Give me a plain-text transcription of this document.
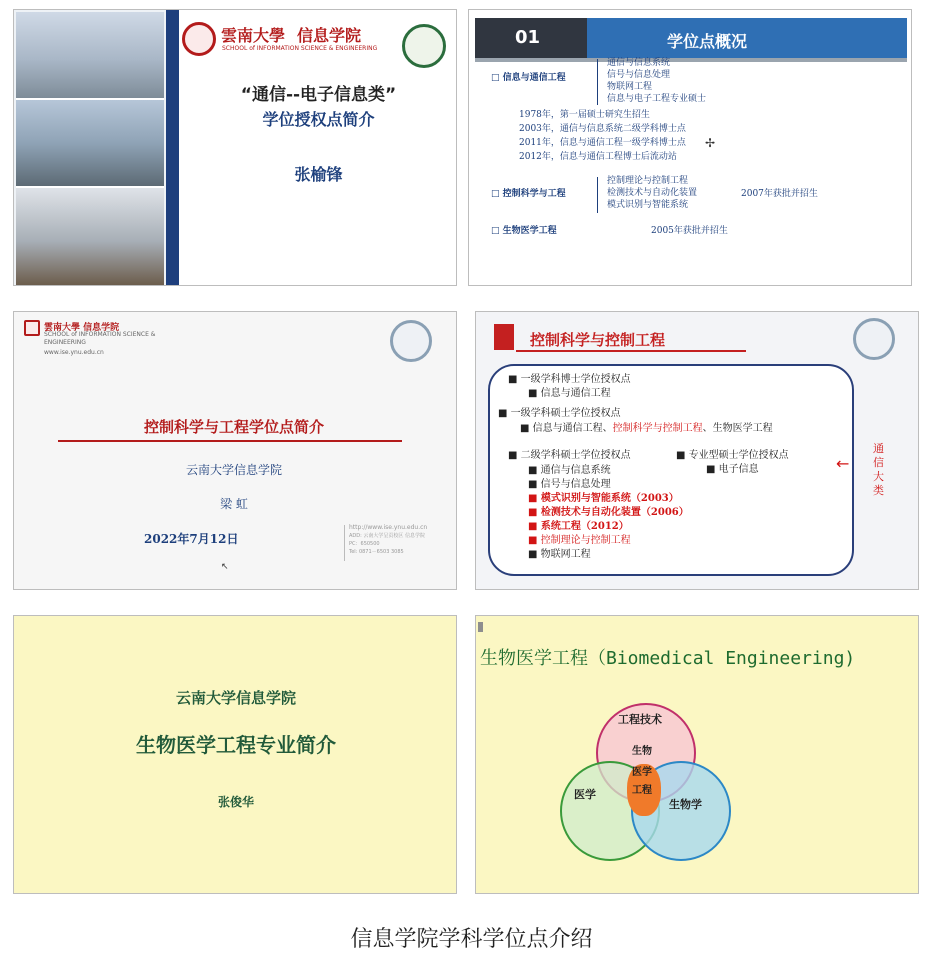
雲南大學 信息学院
SCHOOL of INFORMATION SCIENCE & ENGINEERING
“通信--电子信息类”
学位授权点简介
张榆锋
01	学位点概况
□ 信息与通信工程
通信与信息系统
信号与信息处理
物联网工程
信息与电子工程专业硕士
1978年，第一届硕士研究生招生
2003年，通信与信息系统二级学科博士点
2011年，信息与通信工程一级学科博士点
2012年，信息与通信工程博士后流动站
✢
□ 控制科学与工程
控制理论与控制工程
检测技术与自动化装置
模式识别与智能系统
2007年获批并招生
□ 生物医学工程	2005年获批并招生
雲南大學 信息学院
SCHOOL of INFORMATION SCIENCE & ENGINEERING
www.ise.ynu.edu.cn
控制科学与工程学位点简介
云南大学信息学院
梁 虹
2022年7月12日
http://www.ise.ynu.edu.cn
ADD: 云南大学呈贡校区 信息学院
PC：650500
Tel: 0871－6503 3085
↖
控制科学与控制工程
■ 一级学科博士学位授权点
■ 信息与通信工程
■ 一级学科硕士学位授权点
■ 信息与通信工程、控制科学与控制工程、生物医学工程
■ 二级学科硕士学位授权点	■ 专业型硕士学位授权点
■ 电子信息
■ 通信与信息系统
■ 信号与信息处理
■ 模式识别与智能系统（2003）
■ 检测技术与自动化装置（2006）
■ 系统工程（2012）
■ 控制理论与控制工程
■ 物联网工程
←
通信大类
云南大学信息学院
生物医学工程专业简介
张俊华
生物医学工程（Biomedical Engineering)
工程技术
医学
生物学
生物
医学
工程
信息学院学科学位点介绍
